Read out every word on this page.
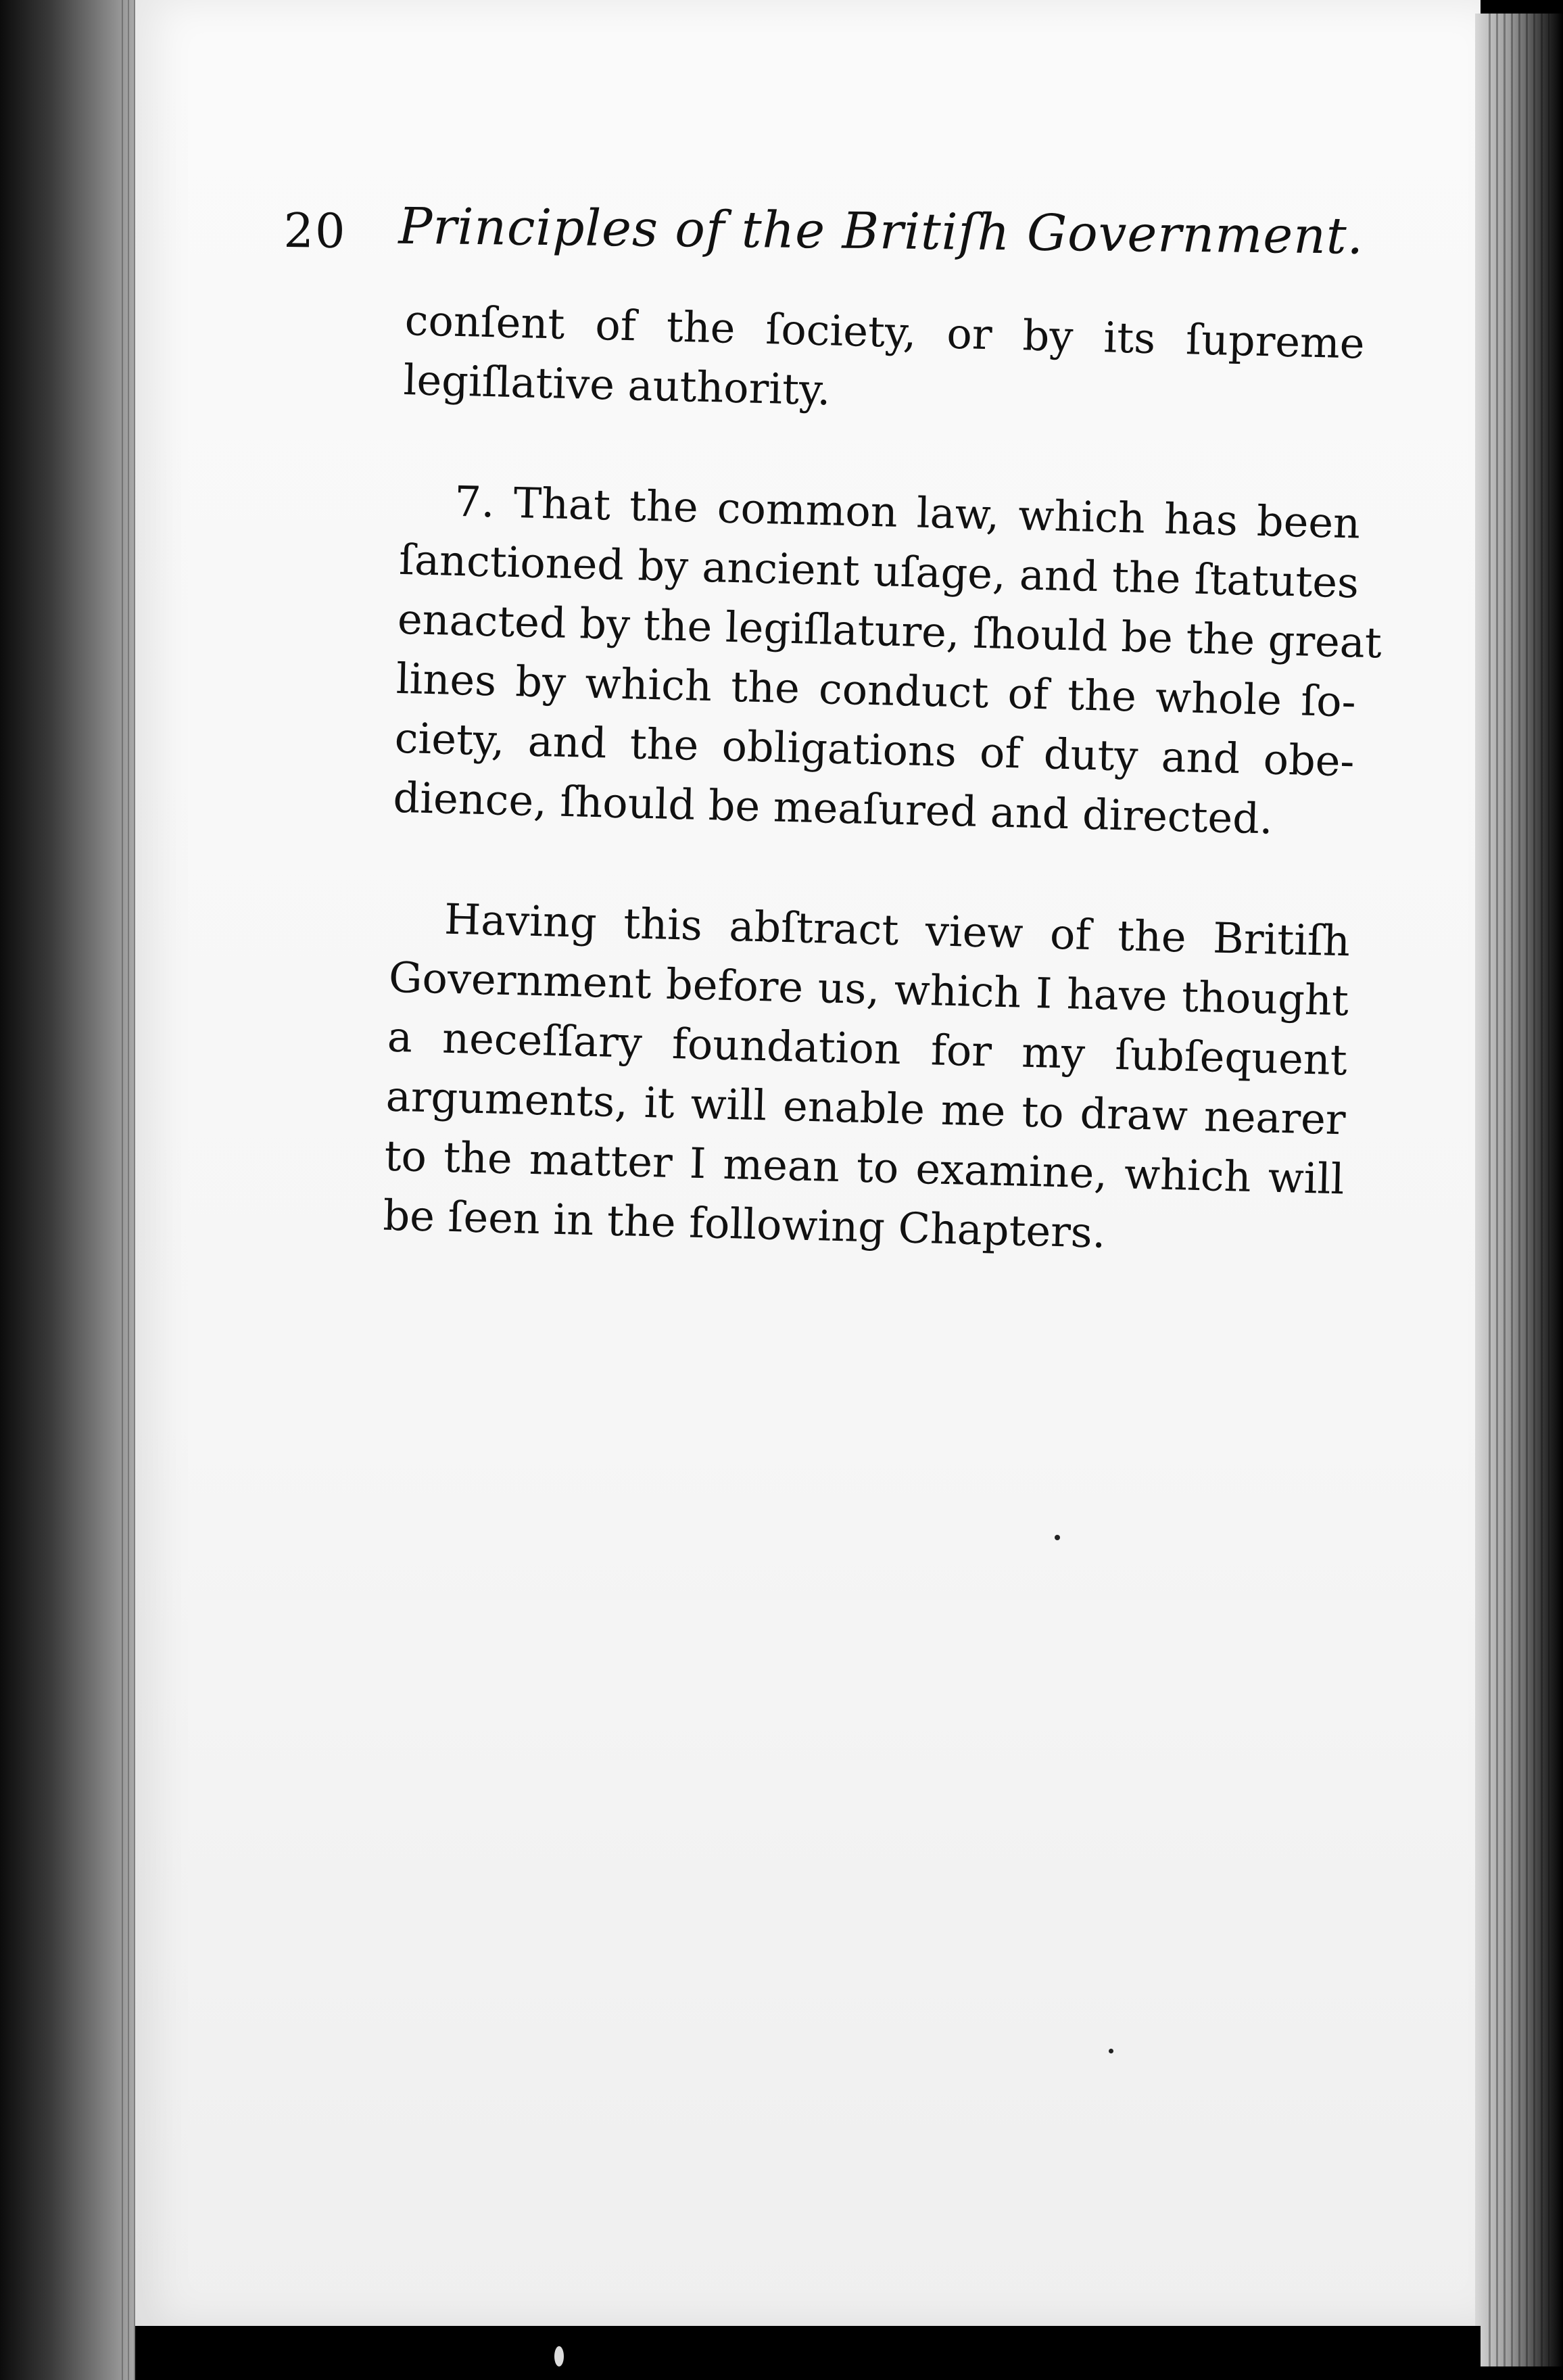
20 Principles of the Britiſh Government.

conſent of the ſociety, or by its ſupreme
legiſlative authority.

7. That the common law, which has been
ſanctioned by ancient uſage, and the ſtatutes
enacted by the legiſlature, ſhould be the great
lines by which the conduct of the whole ſo-
ciety, and the obligations of duty and obe-
dience, ſhould be meaſured and directed.

Having this abſtract view of the Britiſh
Government before us, which I have thought
a neceſſary foundation for my ſubſequent
arguments, it will enable me to draw nearer
to the matter I mean to examine, which will
be ſeen in the following Chapters.
